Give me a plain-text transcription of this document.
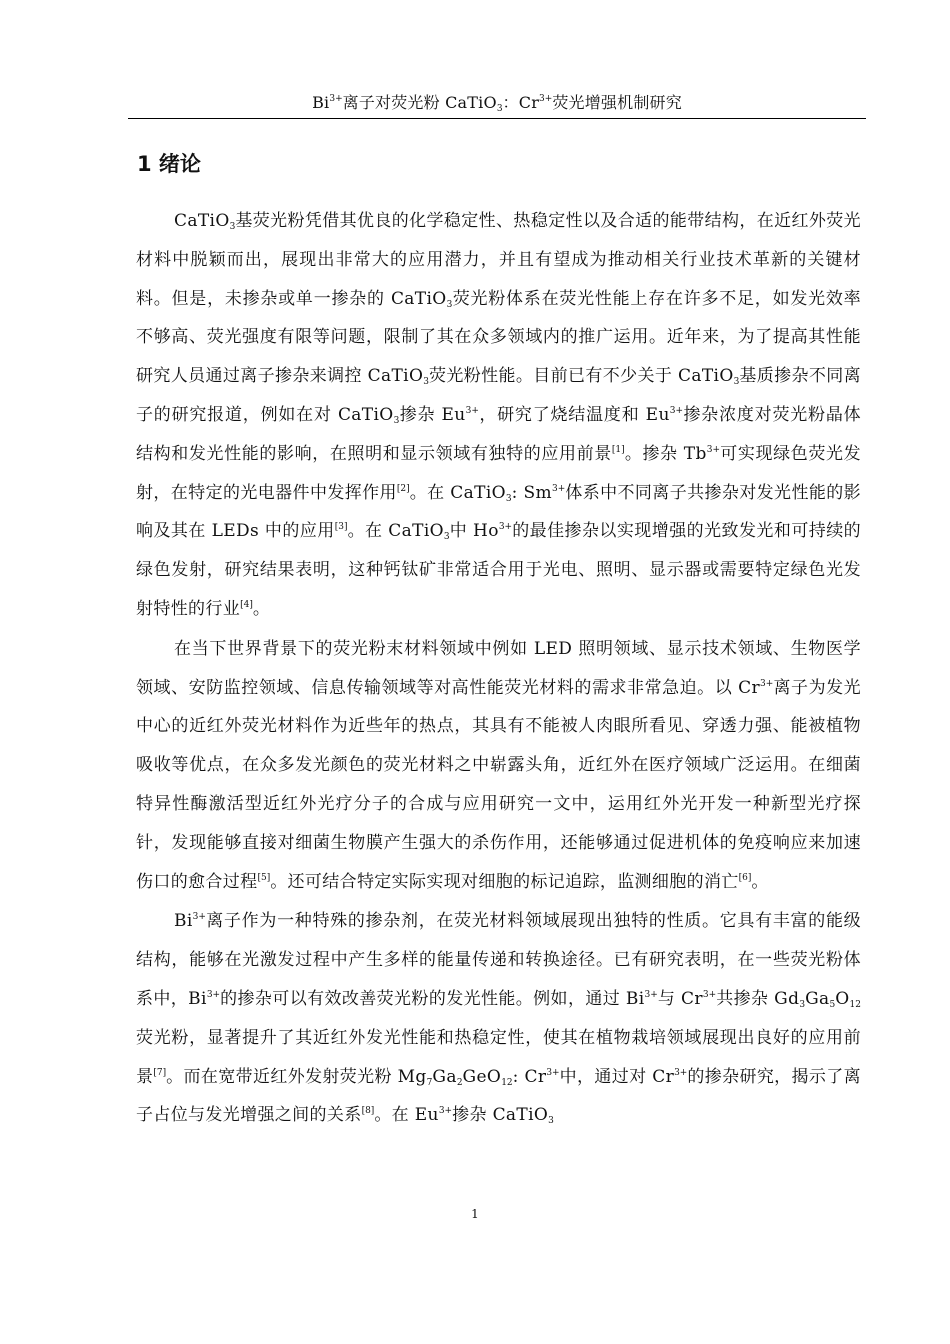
$Bi^{3+}$离子对荧光粉 CaTiO3：$Cr^{3+}$荧光增强机制研究
1 绪论

CaTiO3基荧光粉凭借其优良的化学稳定性、热稳定性以及合适的能带结构，在近红外荧光材料中脱颖而出，展现出非常大的应用潜力，并且有望成为推动相关行业技术革新的关键材料。但是，未掺杂或单一掺杂的 CaTiO3荧光粉体系在荧光性能上存在许多不足，如发光效率不够高、荧光强度有限等问题，限制了其在众多领域内的推广运用。近年来，为了提高其性能研究人员通过离子掺杂来调控 CaTiO3荧光粉性能。目前已有不少关于 CaTiO3基质掺杂不同离子的研究报道，例如在对 CaTiO3掺杂 $Eu^{3+}$，研究了烧结温度和 $Eu^{3+}$掺杂浓度对荧光粉晶体结构和发光性能的影响，在照明和显示领域有独特的应用前景[1]。掺杂 $Tb^{3+}$可实现绿色荧光发射，在特定的光电器件中发挥作用[2]。在 CaTiO3: $Sm^{3+}$体系中不同离子共掺杂对发光性能的影响及其在 LEDs 中的应用[3]。在 CaTiO3中 $Ho^{3+}$的最佳掺杂以实现增强的光致发光和可持续的绿色发射，研究结果表明，这种钙钛矿非常适合用于光电、照明、显示器或需要特定绿色光发射特性的行业[4]。

在当下世界背景下的荧光粉末材料领域中例如 LED 照明领域、显示技术领域、生物医学领域、安防监控领域、信息传输领域等对高性能荧光材料的需求非常急迫。以 $Cr^{3+}$离子为发光中心的近红外荧光材料作为近些年的热点，其具有不能被人肉眼所看见、穿透力强、能被植物吸收等优点，在众多发光颜色的荧光材料之中崭露头角，近红外在医疗领域广泛运用。在细菌特异性酶激活型近红外光疗分子的合成与应用研究一文中，运用红外光开发一种新型光疗探针，发现能够直接对细菌生物膜产生强大的杀伤作用，还能够通过促进机体的免疫响应来加速伤口的愈合过程[5]。还可结合特定实际实现对细胞的标记追踪，监测细胞的消亡[6]。

$Bi^{3+}$离子作为一种特殊的掺杂剂，在荧光材料领域展现出独特的性质。它具有丰富的能级结构，能够在光激发过程中产生多样的能量传递和转换途径。已有研究表明，在一些荧光粉体系中，$Bi^{3+}$的掺杂可以有效改善荧光粉的发光性能。例如，通过 $Bi^{3+}$与 $Cr^{3+}$共掺杂 Gd3Ga5O12荧光粉，显著提升了其近红外发光性能和热稳定性，使其在植物栽培领域展现出良好的应用前景[7]。而在宽带近红外发射荧光粉 Mg7Ga2GeO12: $Cr^{3+}$中，通过对 $Cr^{3+}$的掺杂研究，揭示了离子占位与发光增强之间的关系[8]。在 $Eu^{3+}$掺杂 CaTiO3

1
